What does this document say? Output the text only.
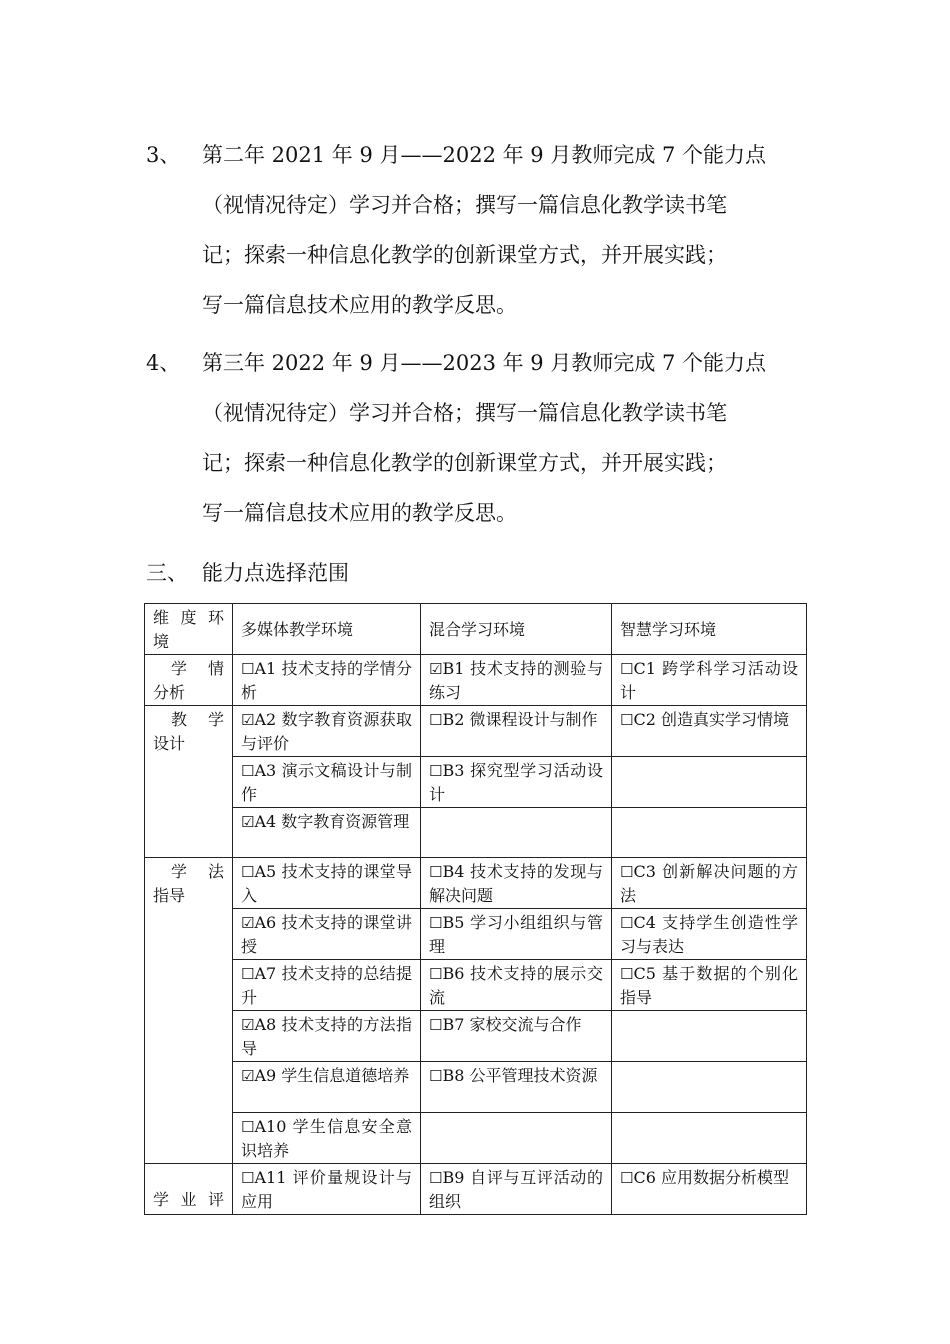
3、 第二年 2021 年 9 月——2022 年 9 月教师完成 7 个能力点
（视情况待定）学习并合格；撰写一篇信息化教学读书笔
记；探索一种信息化教学的创新课堂方式，并开展实践；
写一篇信息技术应用的教学反思。
4、 第三年 2022 年 9 月——2023 年 9 月教师完成 7 个能力点
（视情况待定）学习并合格；撰写一篇信息化教学读书笔
记；探索一种信息化教学的创新课堂方式，并开展实践；
写一篇信息技术应用的教学反思。
三、 能力点选择范围
维 度 环
境	多媒体教学环境	混合学习环境	智慧学习环境

学 情
分析	☐A1 技术支持的学情分析	☑B1 技术支持的测验与练习	☐C1 跨学科学习活动设计

教 学
设计	☑A2 数字教育资源获取与评价	☐B2 微课程设计与制作	☐C2 创造真实学习情境
	☐A3 演示文稿设计与制作	☐B3 探究型学习活动设计	
	☑A4 数字教育资源管理		

学 法
指导	☐A5 技术支持的课堂导入	☐B4 技术支持的发现与解决问题	☐C3 创新解决问题的方法
	☑A6 技术支持的课堂讲授	☐B5 学习小组组织与管理	☐C4 支持学生创造性学习与表达
	☐A7 技术支持的总结提升	☐B6 技术支持的展示交流	☐C5 基于数据的个别化指导
	☑A8 技术支持的方法指导	☐B7 家校交流与合作	
	☑A9 学生信息道德培养	☐B8 公平管理技术资源	
	☐A10 学生信息安全意识培养		

学 业 评	☐A11 评价量规设计与应用	☐B9 自评与互评活动的组织	☐C6 应用数据分析模型
